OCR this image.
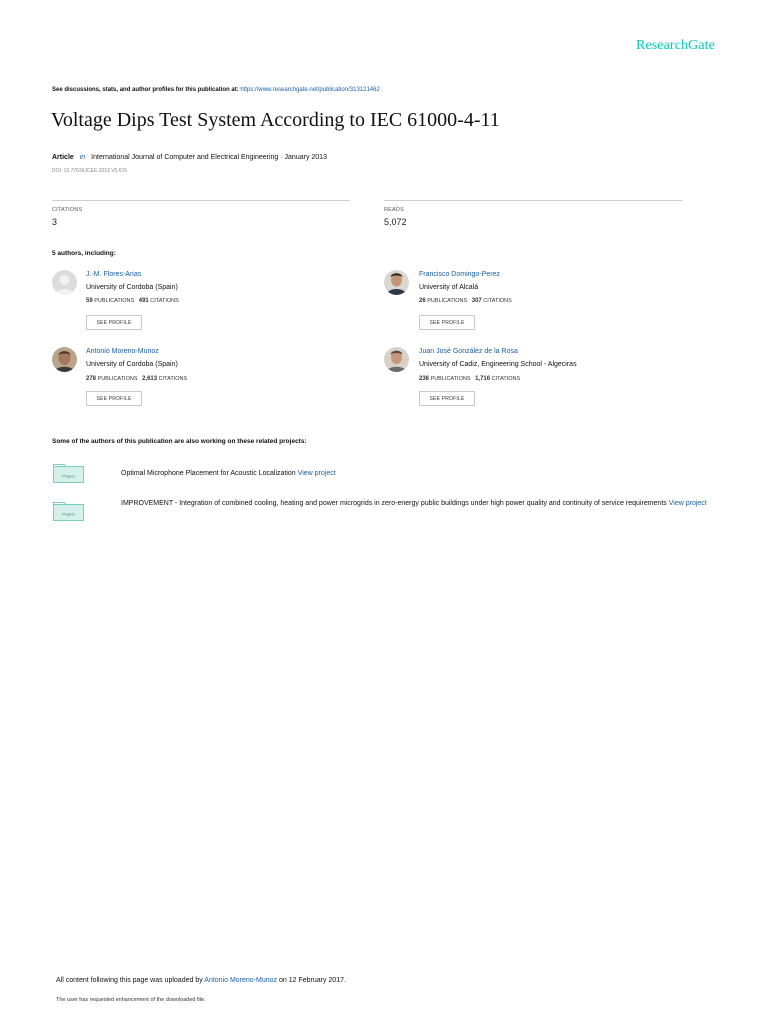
ResearchGate
See discussions, stats, and author profiles for this publication at: https://www.researchgate.net/publication/313121462
Voltage Dips Test System According to IEC 61000-4-11
Article in International Journal of Computer and Electrical Engineering · January 2013
DOI: 10.7763/IJCEE.2013.V5.676
CITATIONS
3
READS
5,072
5 authors, including:
J.-M. Flores-Arias
University of Cordoba (Spain)
59 PUBLICATIONS 491 CITATIONS
SEE PROFILE
Francisco Domingo-Perez
University of Alcalá
26 PUBLICATIONS 307 CITATIONS
SEE PROFILE
Antonio Moreno-Munoz
University of Cordoba (Spain)
278 PUBLICATIONS 2,613 CITATIONS
SEE PROFILE
Juan José González de la Rosa
University of Cadiz, Engineering School - Algeciras
236 PUBLICATIONS 1,716 CITATIONS
SEE PROFILE
Some of the authors of this publication are also working on these related projects:
Project	Optimal Microphone Placement for Acoustic Localization View project
Project
IMPROVEMENT - Integration of combined cooling, heating and power microgrids in zero-energy public buildings under high power quality and continuity of service requirements View project
All content following this page was uploaded by Antonio Moreno-Munoz on 12 February 2017.
The user has requested enhancement of the downloaded file.
